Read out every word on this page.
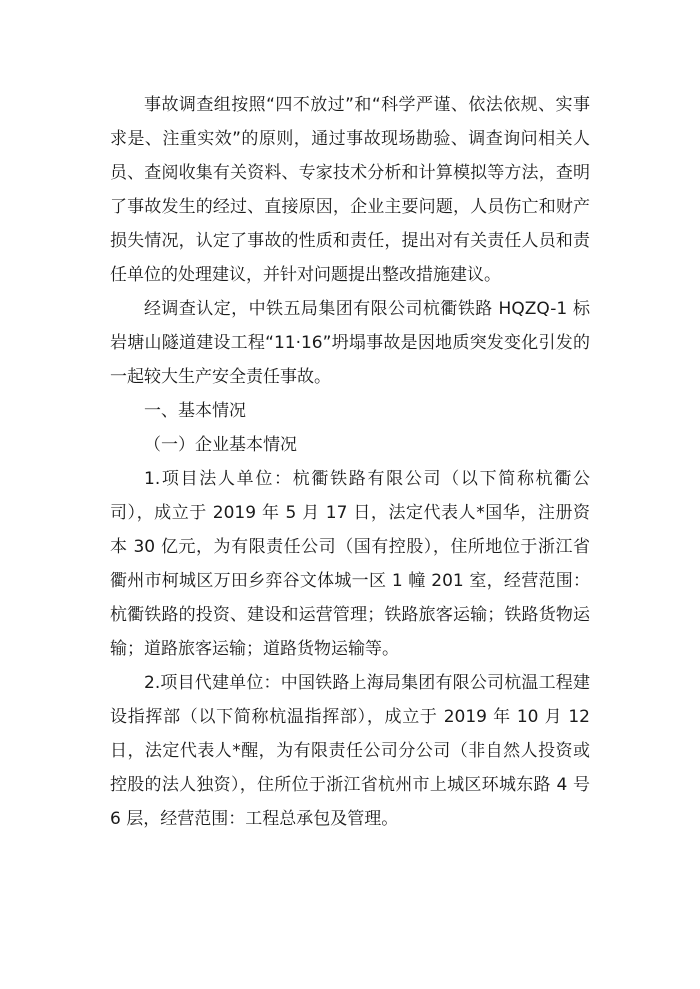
事故调查组按照“四不放过”和“科学严谨、依法依规、实事求是、注重实效”的原则，通过事故现场勘验、调查询问相关人员、查阅收集有关资料、专家技术分析和计算模拟等方法，查明了事故发生的经过、直接原因，企业主要问题，人员伤亡和财产损失情况，认定了事故的性质和责任，提出对有关责任人员和责任单位的处理建议，并针对问题提出整改措施建议。

经调查认定，中铁五局集团有限公司杭衢铁路 HQZQ-1 标岩塘山隧道建设工程“11·16”坍塌事故是因地质突发变化引发的一起较大生产安全责任事故。

一、基本情况

（一）企业基本情况

1.项目法人单位：杭衢铁路有限公司（以下简称杭衢公司），成立于 2019 年 5 月 17 日，法定代表人*国华，注册资本 30 亿元，为有限责任公司（国有控股），住所地位于浙江省衢州市柯城区万田乡弈谷文体城一区 1 幢 201 室，经营范围：杭衢铁路的投资、建设和运营管理；铁路旅客运输；铁路货物运输；道路旅客运输；道路货物运输等。

2.项目代建单位：中国铁路上海局集团有限公司杭温工程建设指挥部（以下简称杭温指挥部），成立于 2019 年 10 月 12 日，法定代表人*醒，为有限责任公司分公司（非自然人投资或控股的法人独资），住所位于浙江省杭州市上城区环城东路 4 号 6 层，经营范围：工程总承包及管理。
